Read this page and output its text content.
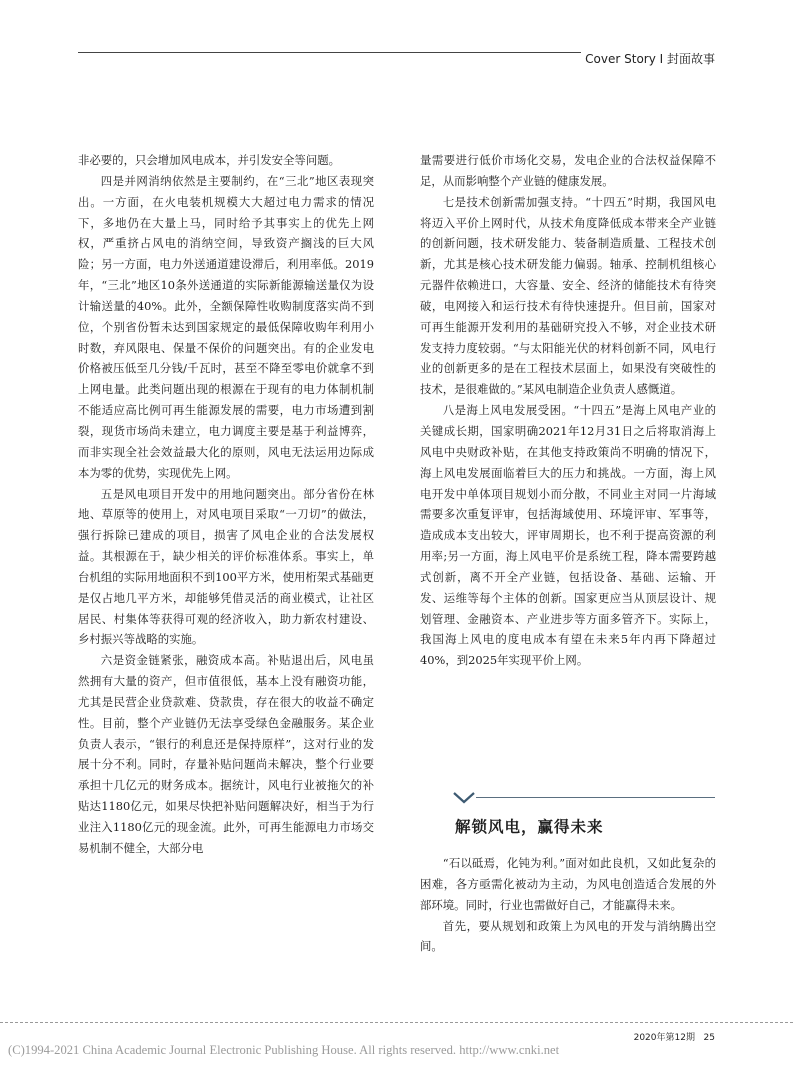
Cover Story I 封面故事

非必要的，只会增加风电成本，并引发安全等问题。

四是并网消纳依然是主要制约，在“三北”地区表现突出。一方面，在火电装机规模大大超过电力需求的情况下，多地仍在大量上马，同时给予其事实上的优先上网权，严重挤占风电的消纳空间，导致资产搁浅的巨大风险；另一方面，电力外送通道建设滞后，利用率低。2019年，“三北”地区10条外送通道的实际新能源输送量仅为设计输送量的40%。此外，全额保障性收购制度落实尚不到位，个别省份暂未达到国家规定的最低保障收购年利用小时数，弃风限电、保量不保价的问题突出。有的企业发电价格被压低至几分钱/千瓦时，甚至不降至零电价就拿不到上网电量。此类问题出现的根源在于现有的电力体制机制不能适应高比例可再生能源发展的需要，电力市场遭到割裂，现货市场尚未建立，电力调度主要是基于利益博弈，而非实现全社会效益最大化的原则，风电无法运用边际成本为零的优势，实现优先上网。

五是风电项目开发中的用地问题突出。部分省份在林地、草原等的使用上，对风电项目采取“一刀切”的做法，强行拆除已建成的项目，损害了风电企业的合法发展权益。其根源在于，缺少相关的评价标准体系。事实上，单台机组的实际用地面积不到100平方米，使用桁架式基础更是仅占地几平方米，却能够凭借灵活的商业模式，让社区居民、村集体等获得可观的经济收入，助力新农村建设、乡村振兴等战略的实施。

六是资金链紧张，融资成本高。补贴退出后，风电虽然拥有大量的资产，但市值很低，基本上没有融资功能，尤其是民营企业贷款难、贷款贵，存在很大的收益不确定性。目前，整个产业链仍无法享受绿色金融服务。某企业负责人表示，“银行的利息还是保持原样”，这对行业的发展十分不利。同时，存量补贴问题尚未解决，整个行业要承担十几亿元的财务成本。据统计，风电行业被拖欠的补贴达1180亿元，如果尽快把补贴问题解决好，相当于为行业注入1180亿元的现金流。此外，可再生能源电力市场交易机制不健全，大部分电

量需要进行低价市场化交易，发电企业的合法权益保障不足，从而影响整个产业链的健康发展。

七是技术创新需加强支持。“十四五”时期，我国风电将迈入平价上网时代，从技术角度降低成本带来全产业链的创新问题，技术研发能力、装备制造质量、工程技术创新，尤其是核心技术研发能力偏弱。轴承、控制机组核心元器件依赖进口，大容量、安全、经济的储能技术有待突破，电网接入和运行技术有待快速提升。但目前，国家对可再生能源开发利用的基础研究投入不够，对企业技术研发支持力度较弱。“与太阳能光伏的材料创新不同，风电行业的创新更多的是在工程技术层面上，如果没有突破性的技术，是很难做的。”某风电制造企业负责人感慨道。

八是海上风电发展受困。“十四五”是海上风电产业的关键成长期，国家明确2021年12月31日之后将取消海上风电中央财政补贴，在其他支持政策尚不明确的情况下，海上风电发展面临着巨大的压力和挑战。一方面，海上风电开发中单体项目规划小而分散，不同业主对同一片海域需要多次重复评审，包括海域使用、环境评审、军事等，造成成本支出较大，评审周期长，也不利于提高资源的利用率;另一方面，海上风电平价是系统工程，降本需要跨越式创新，离不开全产业链，包括设备、基础、运输、开发、运维等每个主体的创新。国家更应当从顶层设计、规划管理、金融资本、产业进步等方面多管齐下。实际上，我国海上风电的度电成本有望在未来5年内再下降超过40%，到2025年实现平价上网。

解锁风电，赢得未来

“石以砥焉，化钝为利。”面对如此良机，又如此复杂的困难，各方亟需化被动为主动，为风电创造适合发展的外部环境。同时，行业也需做好自己，才能赢得未来。

首先，要从规划和政策上为风电的开发与消纳腾出空间。

2020年第12期 25
(C)1994-2021 China Academic Journal Electronic Publishing House. All rights reserved. http://www.cnki.net
